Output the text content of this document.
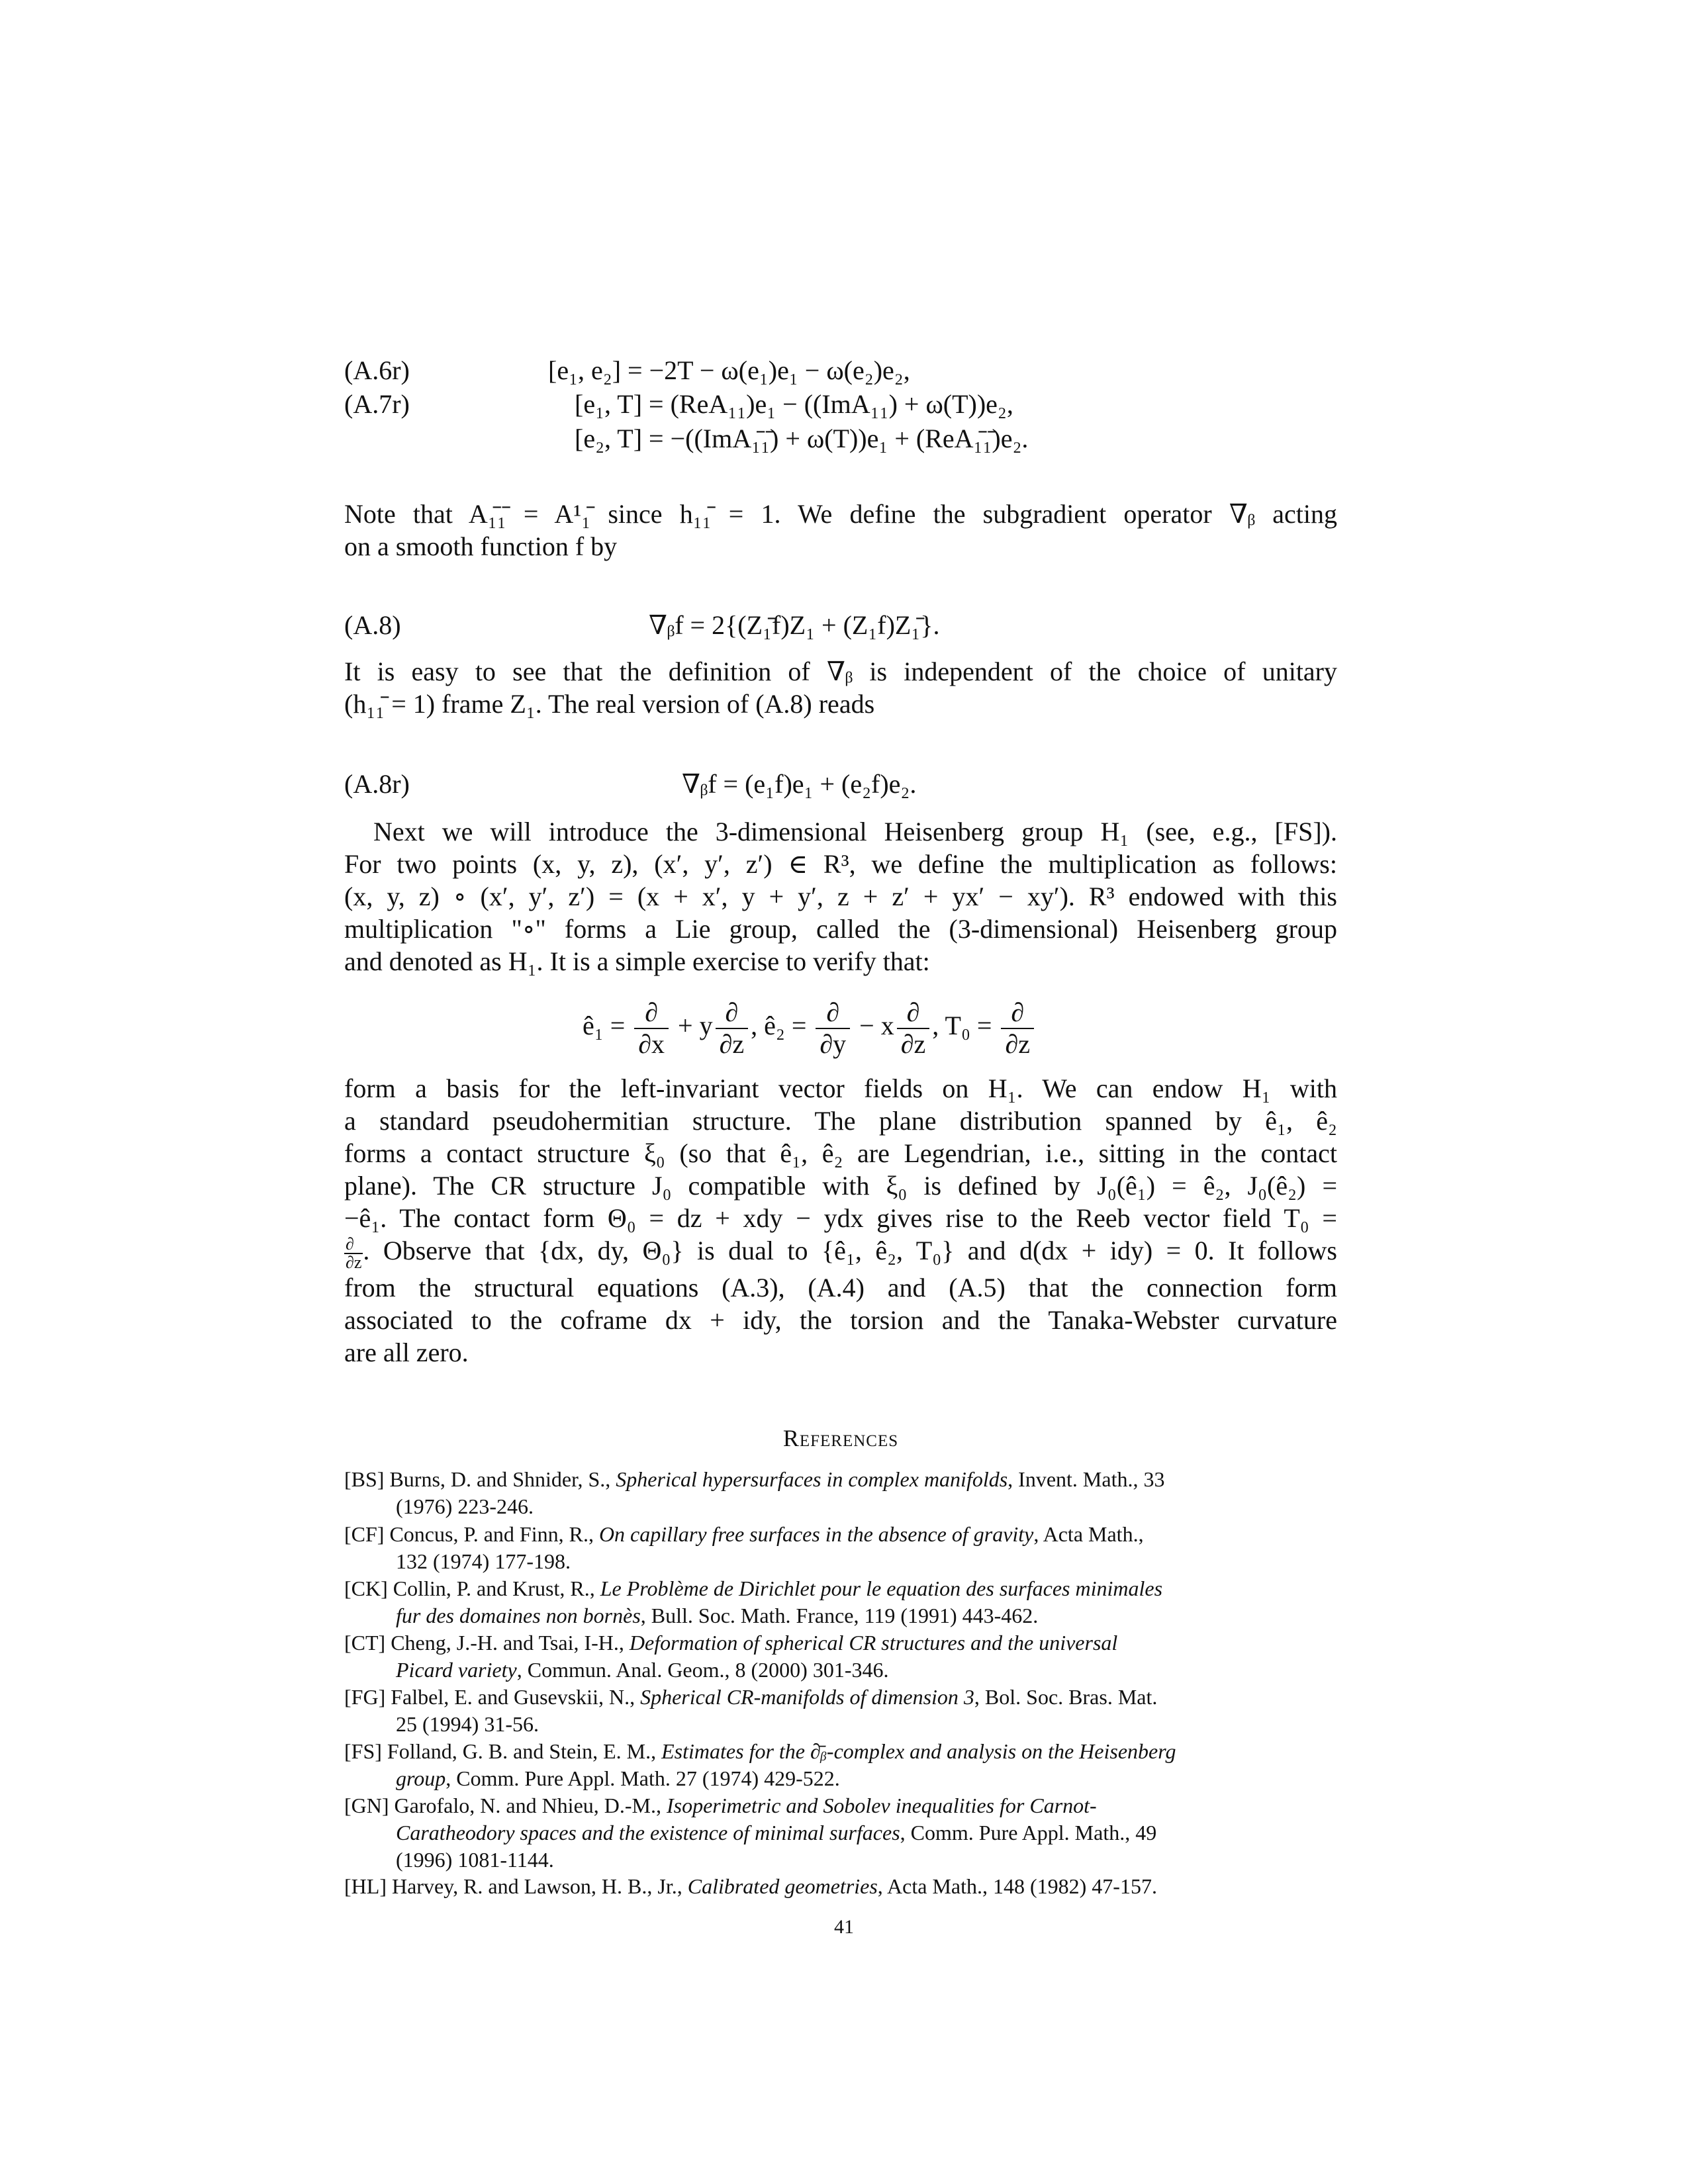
(A.6r)	[e₁, e₂] = −2T − ω(e₁)e₁ − ω(e₂)e₂,
(A.7r)	[e₁, T] = (ReA₁₁)e₁ − ((ImA₁₁) + ω(T))e₂,
[e₂, T] = −((ImA₁̄₁̄) + ω(T))e₁ + (ReA₁̄₁̄)e₂.
Note that A₁̄₁̄ = A¹₁̄ since h₁₁̄ = 1. We define the subgradient operator ∇ᵦ acting
on a smooth function f by
(A.8)	∇ᵦf = 2{(Z₁̄f)Z₁ + (Z₁f)Z₁̄}.
It is easy to see that the definition of ∇ᵦ is independent of the choice of unitary
(h₁₁̄ = 1) frame Z₁. The real version of (A.8) reads
(A.8r)	∇ᵦf = (e₁f)e₁ + (e₂f)e₂.
Next we will introduce the 3-dimensional Heisenberg group H₁ (see, e.g., [FS]).
For two points (x, y, z), (x′, y′, z′) ∈ R³, we define the multiplication as follows:
(x, y, z) ∘ (x′, y′, z′) = (x + x′, y + y′, z + z′ + yx′ − xy′). R³ endowed with this
multiplication "∘" forms a Lie group, called the (3-dimensional) Heisenberg group
and denoted as H₁. It is a simple exercise to verify that:
ê₁ = $\frac{\partial}{\partial x} + y \frac{\partial}{\partial z}$ , ê₂ = $\frac{\partial}{\partial y} - x \frac{\partial}{\partial z}$ , $T_0 = \frac{\partial}{\partial z}$
form a basis for the left-invariant vector fields on H₁. We can endow H₁ with
a standard pseudohermitian structure. The plane distribution spanned by ê₁, ê₂
forms a contact structure ξ₀ (so that ê₁, ê₂ are Legendrian, i.e., sitting in the contact
plane). The CR structure J₀ compatible with ξ₀ is defined by J₀(ê₁) = ê₂, J₀(ê₂) =
−ê₁. The contact form Θ₀ = dz + xdy − ydx gives rise to the Reeb vector field T₀ =
$\frac{\partial}{\partial z}$ . Observe that {dx, dy, Θ₀} is dual to {ê₁, ê₂, T₀} and d(dx + idy) = 0. It follows
from the structural equations (A.3), (A.4) and (A.5) that the connection form
associated to the coframe dx + idy, the torsion and the Tanaka-Webster curvature
are all zero.
References
[BS] Burns, D. and Shnider, S., Spherical hypersurfaces in complex manifolds, Invent. Math., 33
(1976) 223-246.
[CF] Concus, P. and Finn, R., On capillary free surfaces in the absence of gravity, Acta Math.,
132 (1974) 177-198.
[CK] Collin, P. and Krust, R., Le Problème de Dirichlet pour le equation des surfaces minimales
fur des domaines non bornès, Bull. Soc. Math. France, 119 (1991) 443-462.
[CT] Cheng, J.-H. and Tsai, I-H., Deformation of spherical CR structures and the universal
Picard variety, Commun. Anal. Geom., 8 (2000) 301-346.
[FG] Falbel, E. and Gusevskii, N., Spherical CR-manifolds of dimension 3, Bol. Soc. Bras. Mat.
25 (1994) 31-56.
[FS] Folland, G. B. and Stein, E. M., Estimates for the ∂̄ᵦ-complex and analysis on the Heisenberg
group, Comm. Pure Appl. Math. 27 (1974) 429-522.
[GN] Garofalo, N. and Nhieu, D.-M., Isoperimetric and Sobolev inequalities for Carnot-
Caratheodory spaces and the existence of minimal surfaces, Comm. Pure Appl. Math., 49
(1996) 1081-1144.
[HL] Harvey, R. and Lawson, H. B., Jr., Calibrated geometries, Acta Math., 148 (1982) 47-157.
41
